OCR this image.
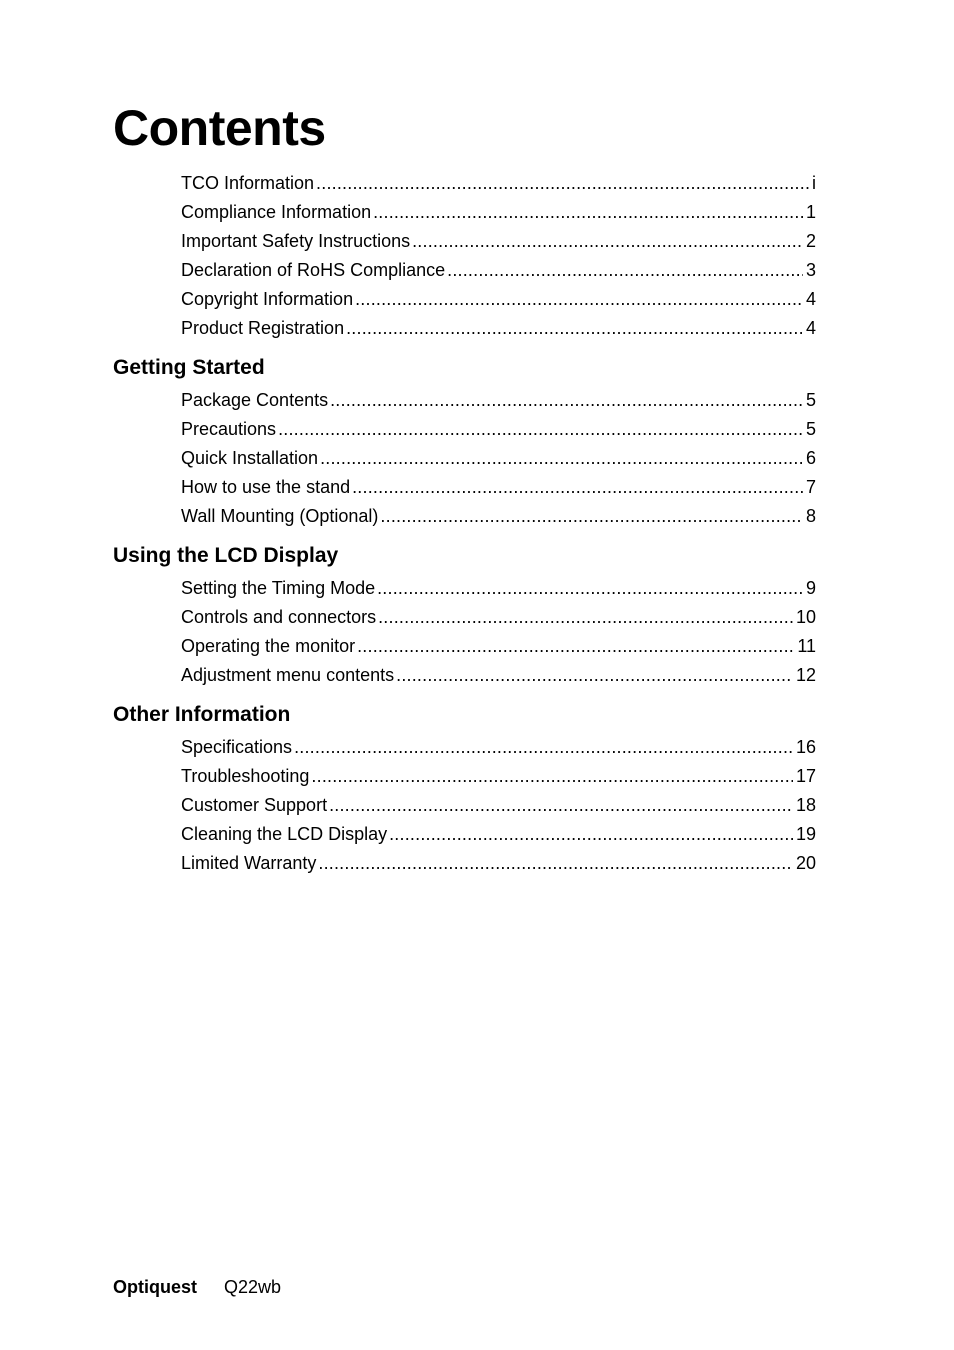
Contents
TCO Information .....	i
Compliance Information .....	1
Important Safety Instructions .....	2
Declaration of RoHS Compliance .....	3
Copyright Information .....	4
Product Registration .....	4
Getting Started
Package Contents .....	5
Precautions .....	5
Quick Installation .....	6
How to use the stand .....	7
Wall Mounting (Optional) .....	8
Using the LCD Display
Setting the Timing Mode .....	9
Controls and connectors .....	10
Operating the monitor .....	11
Adjustment menu contents .....	12
Other Information
Specifications .....	16
Troubleshooting .....	17
Customer Support .....	18
Cleaning the LCD Display .....	19
Limited Warranty .....	20
Optiquest Q22wb
